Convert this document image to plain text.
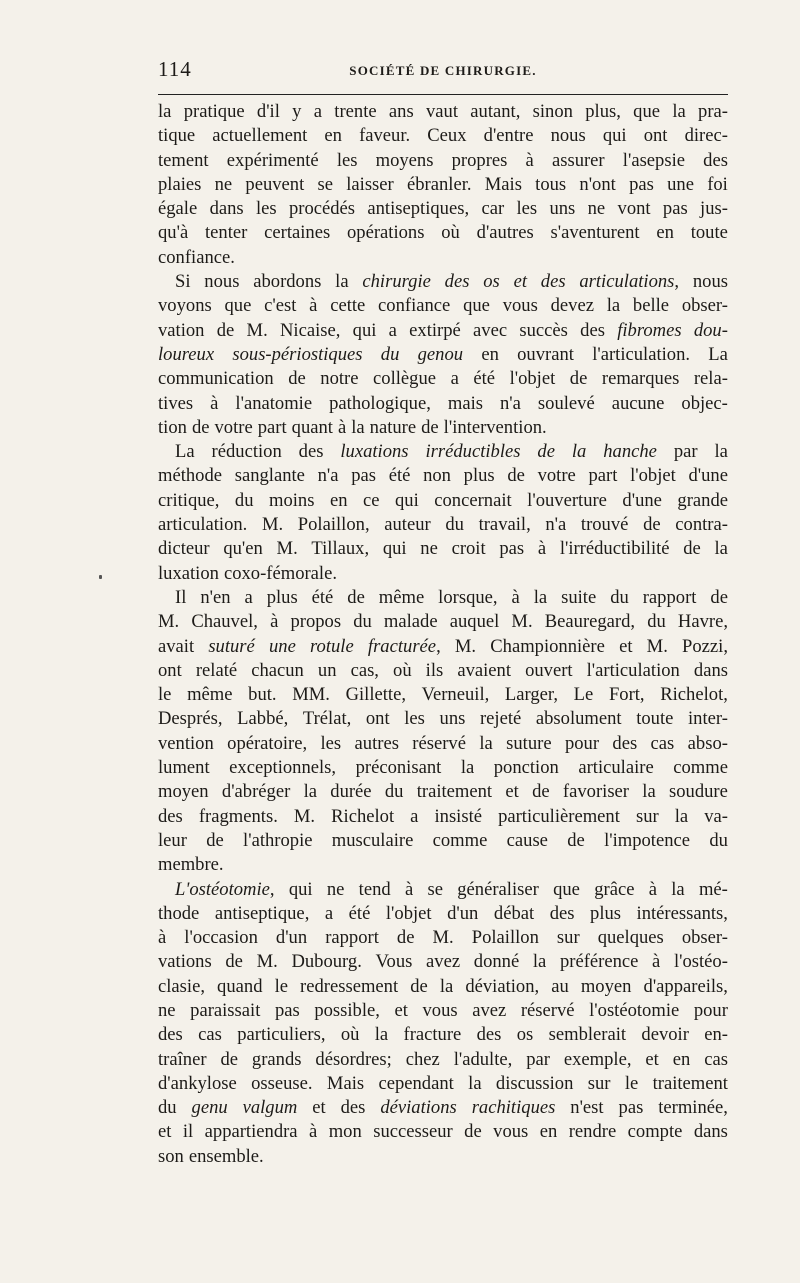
114	SOCIÉTÉ DE CHIRURGIE.
la pratique d'il y a trente ans vaut autant, sinon plus, que la pra-
tique actuellement en faveur. Ceux d'entre nous qui ont direc-
tement expérimenté les moyens propres à assurer l'asepsie des
plaies ne peuvent se laisser ébranler. Mais tous n'ont pas une foi
égale dans les procédés antiseptiques, car les uns ne vont pas jus-
qu'à tenter certaines opérations où d'autres s'aventurent en toute
confiance.
Si nous abordons la chirurgie des os et des articulations, nous
voyons que c'est à cette confiance que vous devez la belle obser-
vation de M. Nicaise, qui a extirpé avec succès des fibromes dou-
loureux sous-périostiques du genou en ouvrant l'articulation. La
communication de notre collègue a été l'objet de remarques rela-
tives à l'anatomie pathologique, mais n'a soulevé aucune objec-
tion de votre part quant à la nature de l'intervention.
La réduction des luxations irréductibles de la hanche par la
méthode sanglante n'a pas été non plus de votre part l'objet d'une
critique, du moins en ce qui concernait l'ouverture d'une grande
articulation. M. Polaillon, auteur du travail, n'a trouvé de contra-
dicteur qu'en M. Tillaux, qui ne croit pas à l'irréductibilité de la
luxation coxo-fémorale.
Il n'en a plus été de même lorsque, à la suite du rapport de
M. Chauvel, à propos du malade auquel M. Beauregard, du Havre,
avait suturé une rotule fracturée, M. Championnière et M. Pozzi,
ont relaté chacun un cas, où ils avaient ouvert l'articulation dans
le même but. MM. Gillette, Verneuil, Larger, Le Fort, Richelot,
Després, Labbé, Trélat, ont les uns rejeté absolument toute inter-
vention opératoire, les autres réservé la suture pour des cas abso-
lument exceptionnels, préconisant la ponction articulaire comme
moyen d'abréger la durée du traitement et de favoriser la soudure
des fragments. M. Richelot a insisté particulièrement sur la va-
leur de l'athropie musculaire comme cause de l'impotence du
membre.
L'ostéotomie, qui ne tend à se généraliser que grâce à la mé-
thode antiseptique, a été l'objet d'un débat des plus intéressants,
à l'occasion d'un rapport de M. Polaillon sur quelques obser-
vations de M. Dubourg. Vous avez donné la préférence à l'ostéo-
clasie, quand le redressement de la déviation, au moyen d'appareils,
ne paraissait pas possible, et vous avez réservé l'ostéotomie pour
des cas particuliers, où la fracture des os semblerait devoir en-
traîner de grands désordres; chez l'adulte, par exemple, et en cas
d'ankylose osseuse. Mais cependant la discussion sur le traitement
du genu valgum et des déviations rachitiques n'est pas terminée,
et il appartiendra à mon successeur de vous en rendre compte dans
son ensemble.
